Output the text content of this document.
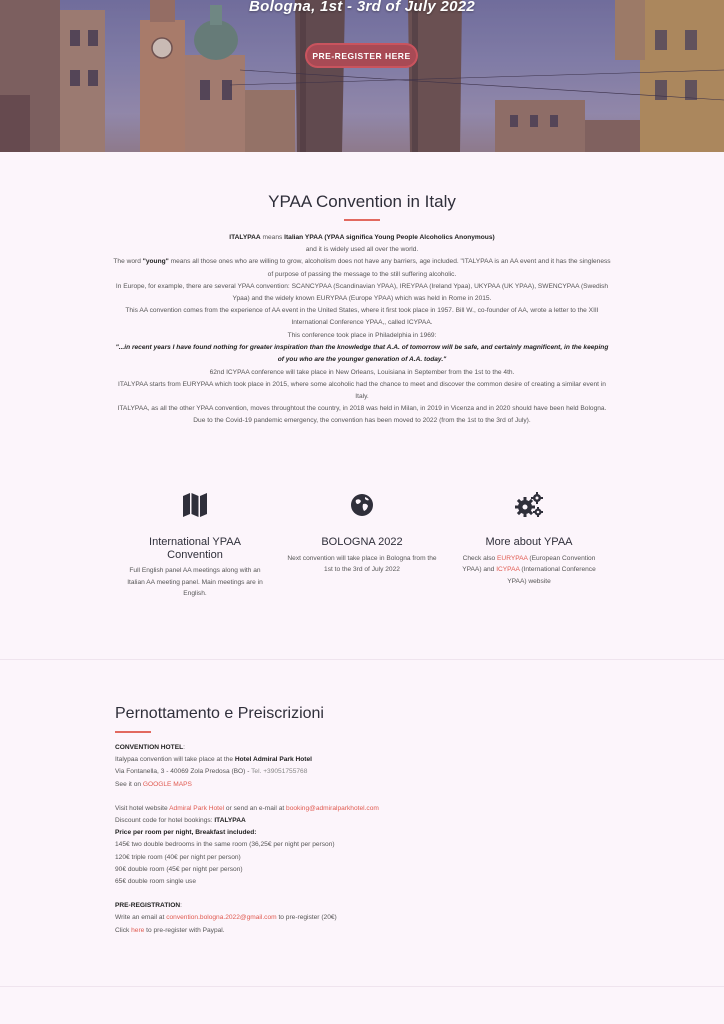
Bologna, 1st - 3rd of July 2022
PRE-REGISTER HERE
YPAA Convention in Italy

ITALYPAA means Italian YPAA (YPAA significa Young People Alcoholics Anonymous)

and it is widely used all over the world.

The word "young" means all those ones who are willing to grow, alcoholism does not have any barriers, age included. "ITALYPAA is an AA event and it has the singleness of purpose of passing the message to the still suffering alcoholic.

In Europe, for example, there are several YPAA convention: SCANCYPAA (Scandinavian YPAA), IREYPAA (Ireland Ypaa), UKYPAA (UK YPAA), SWENCYPAA (Swedish Ypaa) and the widely known EURYPAA (Europe YPAA) which was held in Rome in 2015.

This AA convention comes from the experience of AA event in the United States, where it first took place in 1957. Bill W., co-founder of AA, wrote a letter to the XIII International Conference YPAA,, called ICYPAA.

This conference took place in Philadelphia in 1969:

"...in recent years I have found nothing for greater inspiration than the knowledge that A.A. of tomorrow will be safe, and certainly magnificent, in the keeping of you who are the younger generation of A.A. today."

62nd ICYPAA conference will take place in New Orleans, Louisiana in September from the 1st to the 4th.

ITALYPAA starts from EURYPAA which took place in 2015, where some alcoholic had the chance to meet and discover the common desire of creating a similar event in Italy.

ITALYPAA, as all the other YPAA convention, moves throughtout the country, in 2018 was held in Milan, in 2019 in Vicenza and in 2020 should have been held Bologna. Due to the Covid-19 pandemic emergency, the convention has been moved to 2022 (from the 1st to the 3rd of July).

International YPAA Convention
Full English panel AA meetings along with an Italian AA meeting panel. Main meetings are in English.
BOLOGNA 2022
Next convention will take place in Bologna from the 1st to the 3rd of July 2022
More about YPAA
Check also EURYPAA (European Convention YPAA) and ICYPAA (International Conference YPAA) website
Pernottamento e Preiscrizioni
CONVENTION HOTEL:
Italypaa convention will take place at the Hotel Admiral Park Hotel
Via Fontanella, 3 - 40069 Zola Predosa (BO) - Tel. +39051755768
See it on GOOGLE MAPS
Visit hotel website Admiral Park Hotel or send an e-mail at booking@admiralparkhotel.com
Discount code for hotel bookings: ITALYPAA
Price per room per night, Breakfast included:
145€ two double bedrooms in the same room (36,25€ per night per person)
120€ triple room (40€ per night per person)
90€ double room (45€ per night per person)
65€ double room single use
PRE-REGISTRATION:
Write an email at convention.bologna.2022@gmail.com to pre-register (20€)
Click here to pre-register with Paypal.
